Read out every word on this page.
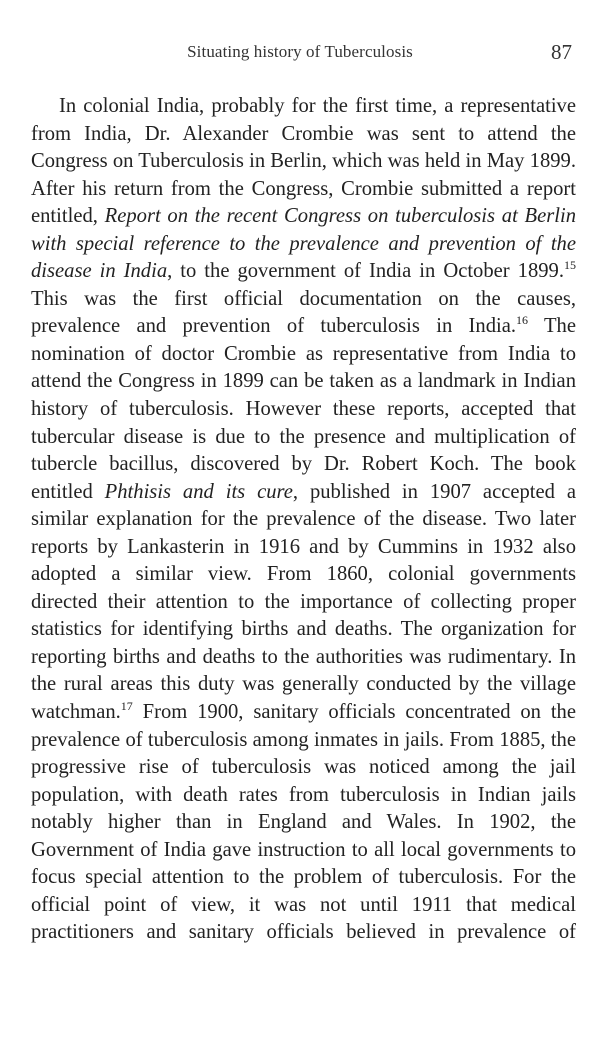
Situating history of Tuberculosis	87

In colonial India, probably for the first time, a representative from India, Dr. Alexander Crombie was sent to attend the Congress on Tuberculosis in Berlin, which was held in May 1899. After his return from the Congress, Crombie submitted a report entitled, Report on the recent Congress on tuberculosis at Berlin with special reference to the prevalence and prevention of the disease in India, to the government of India in October 1899.15 This was the first official documentation on the causes, prevalence and prevention of tuberculosis in India.$^{16}$ The nomination of doctor Crombie as representative from India to attend the Congress in 1899 can be taken as a landmark in Indian history of tuberculosis. However these reports, accepted that tubercular disease is due to the presence and multiplication of tubercle bacillus, discovered by Dr. Robert Koch. The book entitled Phthisis and its cure, published in 1907 accepted a similar explanation for the prevalence of the disease. Two later reports by Lankasterin in 1916 and by Cummins in 1932 also adopted a similar view. From 1860, colonial governments directed their attention to the importance of collecting proper statistics for identifying births and deaths. The organization for reporting births and deaths to the authorities was rudimentary. In the rural areas this duty was generally conducted by the village watchman.$^{17}$ From 1900, sanitary officials concentrated on the prevalence of tuberculosis among inmates in jails. From 1885, the progressive rise of tuberculosis was noticed among the jail population, with death rates from tuberculosis in Indian jails notably higher than in England and Wales. In 1902, the Government of India gave instruction to all local governments to focus special attention to the problem of tuberculosis. For the official point of view, it was not until 1911 that medical practitioners and sanitary officials believed in prevalence of
